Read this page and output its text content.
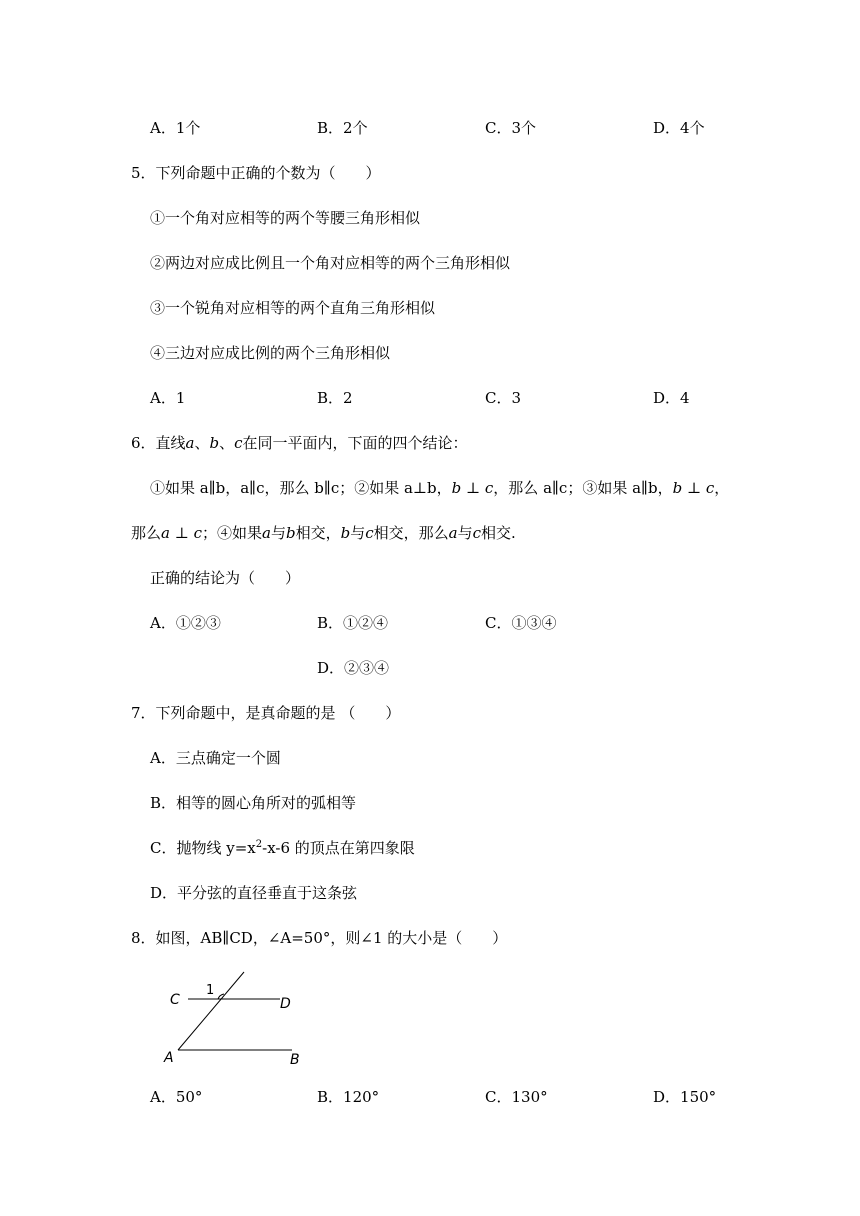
A．1个	B．2个	C．3个	D．4个
5．下列命题中正确的个数为（　　）
①一个角对应相等的两个等腰三角形相似
②两边对应成比例且一个角对应相等的两个三角形相似
③一个锐角对应相等的两个直角三角形相似
④三边对应成比例的两个三角形相似
A．1	B．2	C．3	D．4
6．直线a、b、c在同一平面内，下面的四个结论：
①如果 a∥b，a∥c，那么 b∥c；②如果 a⊥b，b ⊥ c，那么 a∥c；③如果 a∥b，b ⊥ c，
那么a ⊥ c；④如果a与b相交，b与c相交，那么a与c相交.
正确的结论为（　　）
A．①②③	B．①②④	C．①③④
D．②③④
7．下列命题中，是真命题的是 （　　）
A．三点确定一个圆
B．相等的圆心角所对的弧相等
C．抛物线 $y=x^2-x-6$ 的顶点在第四象限
D．平分弦的直径垂直于这条弦
8．如图，AB∥CD，∠A=50°，则∠1 的大小是（　　）
C	D
A	B
1
A．50°	B．120°	C．130°	D．150°
